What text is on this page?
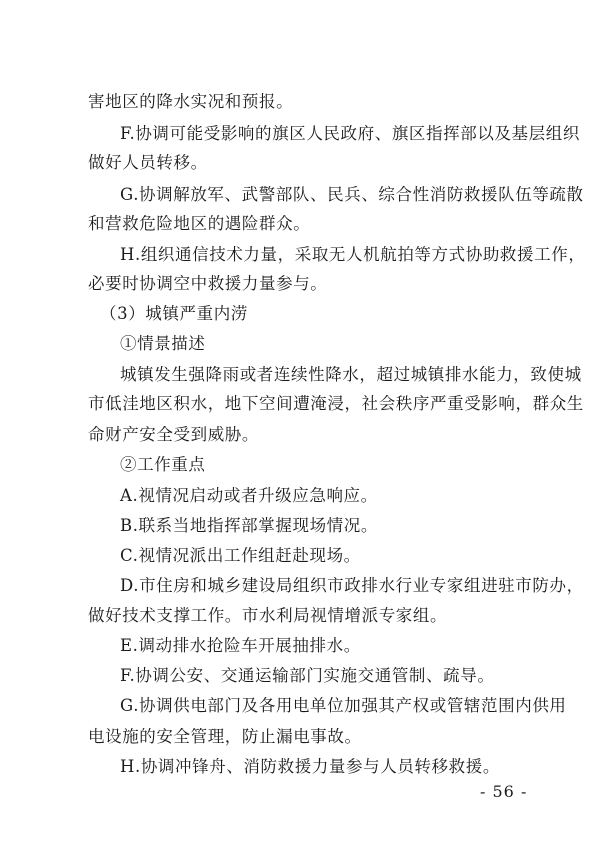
害地区的降水实况和预报。
F.协调可能受影响的旗区人民政府、旗区指挥部以及基层组织
做好人员转移。
G.协调解放军、武警部队、民兵、综合性消防救援队伍等疏散
和营救危险地区的遇险群众。
H.组织通信技术力量，采取无人机航拍等方式协助救援工作，
必要时协调空中救援力量参与。
（3）城镇严重内涝
①情景描述
城镇发生强降雨或者连续性降水，超过城镇排水能力，致使城
市低洼地区积水，地下空间遭淹浸，社会秩序严重受影响，群众生
命财产安全受到威胁。
②工作重点
A.视情况启动或者升级应急响应。
B.联系当地指挥部掌握现场情况。
C.视情况派出工作组赶赴现场。
D.市住房和城乡建设局组织市政排水行业专家组进驻市防办，
做好技术支撑工作。市水利局视情增派专家组。
E.调动排水抢险车开展抽排水。
F.协调公安、交通运输部门实施交通管制、疏导。
G.协调供电部门及各用电单位加强其产权或管辖范围内供用
电设施的安全管理，防止漏电事故。
H.协调冲锋舟、消防救援力量参与人员转移救援。
- 56 -
